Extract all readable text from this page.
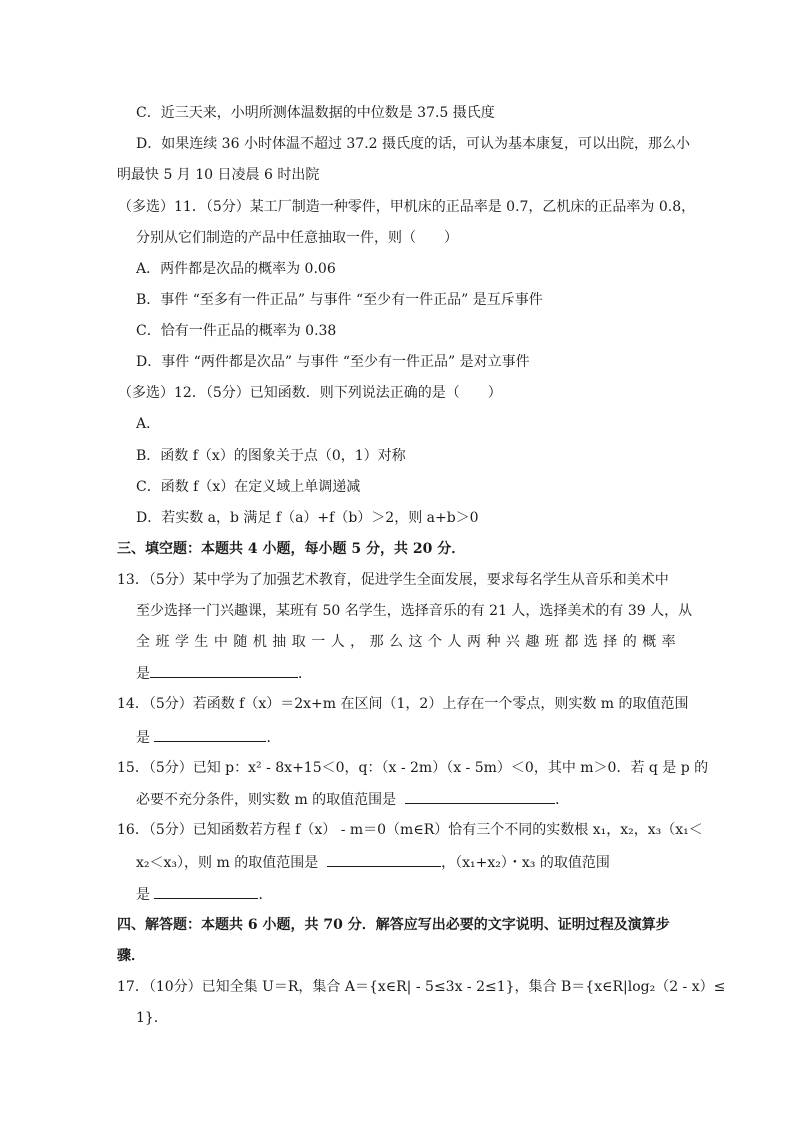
C．近三天来，小明所测体温数据的中位数是 37.5 摄氏度
D．如果连续 36 小时体温不超过 37.2 摄氏度的话，可认为基本康复，可以出院，那么小
明最快 5 月 10 日凌晨 6 时出院
（多选）11．（5分）某工厂制造一种零件，甲机床的正品率是 0.7，乙机床的正品率为 0.8，
分别从它们制造的产品中任意抽取一件，则（　　）
A．两件都是次品的概率为 0.06
B．事件 “至多有一件正品” 与事件 “至少有一件正品” 是互斥事件
C．恰有一件正品的概率为 0.38
D．事件 “两件都是次品” 与事件 “至少有一件正品” 是对立事件
（多选）12．（5分）已知函数．则下列说法正确的是（　　）
A．
B．函数 f（x）的图象关于点（0，1）对称
C．函数 f（x）在定义域上单调递减
D．若实数 a，b 满足 f（a）+f（b）＞2，则 a+b＞0
三、填空题：本题共 4 小题，每小题 5 分，共 20 分．
13．（5分）某中学为了加强艺术教育，促进学生全面发展，要求每名学生从音乐和美术中
至少选择一门兴趣课，某班有 50 名学生，选择音乐的有 21 人，选择美术的有 39 人，从
全 班 学 生 中 随 机 抽 取 一 人 ， 那 么 这 个 人 两 种 兴 趣 班 都 选 择 的 概 率
是	．
14．（5分）若函数 f（x）＝2x+m 在区间（1，2）上存在一个零点，则实数 m 的取值范围
是	．
15．（5分）已知 p：x² - 8x+15＜0，q：（x - 2m）（x - 5m）＜0，其中 m＞0．若 q 是 p 的
必要不充分条件，则实数 m 的取值范围是	．
16．（5分）已知函数若方程 f（x） - m＝0（m∈R）恰有三个不同的实数根 x₁，x₂，x₃（x₁＜
x₂＜x₃），则 m 的取值范围是	，（x₁+x₂）・x₃ 的取值范围
是	．
四、解答题：本题共 6 小题，共 70 分．解答应写出必要的文字说明、证明过程及演算步
骤．
17．（10分）已知全集 U＝R，集合 A＝{x∈R| - 5≤3x - 2≤1}，集合 B＝{x∈R|log₂（2 - x）≤
1}．
